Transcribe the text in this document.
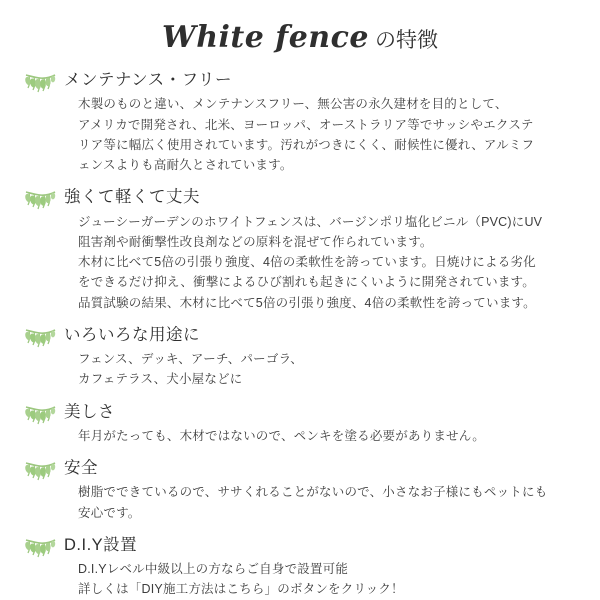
White fence の特徴
メンテナンス・フリー
木製のものと違い、メンテナンスフリー、無公害の永久建材を目的として、
アメリカで開発され、北米、ヨーロッパ、オーストラリア等でサッシやエクステ
リア等に幅広く使用されています。汚れがつきにくく、耐候性に優れ、アルミフ
ェンスよりも高耐久とされています。
強くて軽くて丈夫
ジューシーガーデンのホワイトフェンスは、バージンポリ塩化ビニル（PVC)にUV
阻害剤や耐衝撃性改良剤などの原料を混ぜて作られています。
木材に比べて5倍の引張り強度、4倍の柔軟性を誇っています。日焼けによる劣化
をできるだけ抑え、衝撃によるひび割れも起きにくいように開発されています。
品質試験の結果、木材に比べて5倍の引張り強度、4倍の柔軟性を誇っています。
いろいろな用途に
フェンス、デッキ、アーチ、パーゴラ、
カフェテラス、犬小屋などに
美しさ
年月がたっても、木材ではないので、ペンキを塗る必要がありません。
安全
樹脂でできているので、ササくれることがないので、小さなお子様にもペットにも
安心です。
D.I.Y設置
D.I.Yレベル中級以上の方ならご自身で設置可能
詳しくは「DIY施工方法はこちら」のボタンをクリック！
